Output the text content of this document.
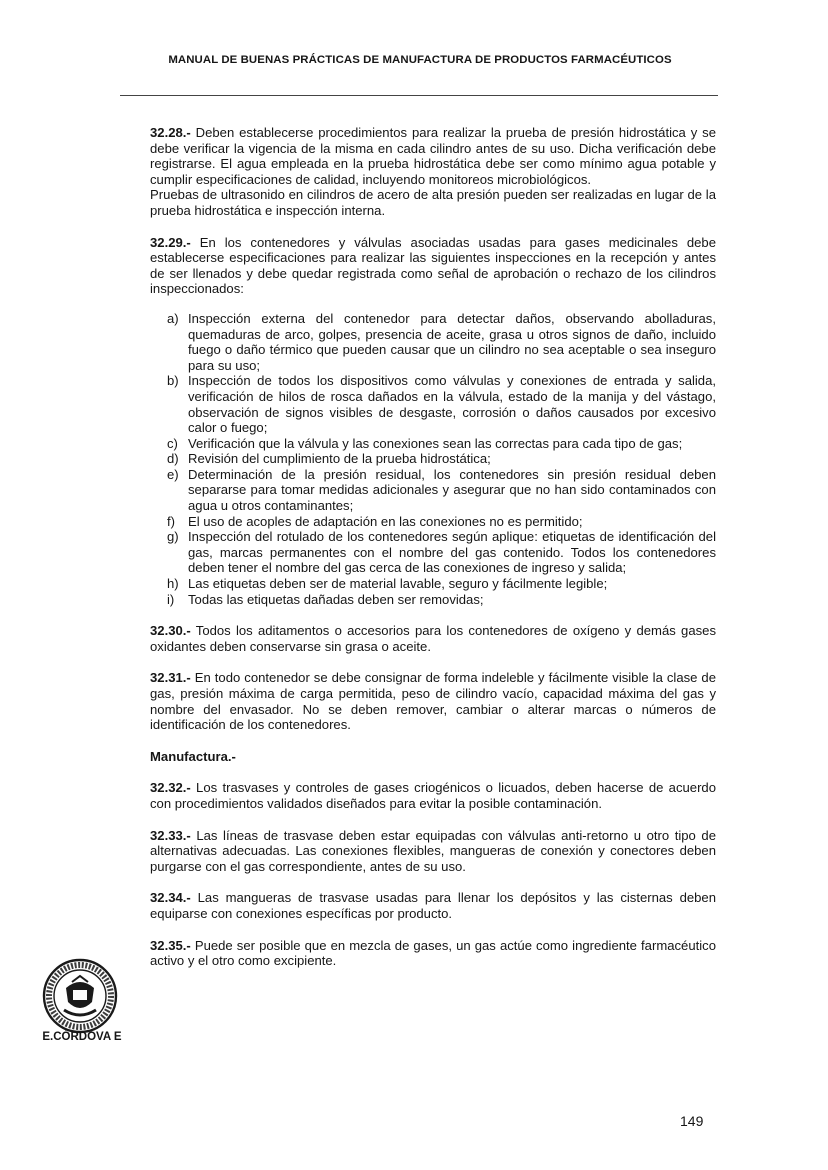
MANUAL DE BUENAS PRÁCTICAS DE MANUFACTURA DE PRODUCTOS FARMACÉUTICOS

32.28.- Deben establecerse procedimientos para realizar la prueba de presión hidrostática y se debe verificar la vigencia de la misma en cada cilindro antes de su uso. Dicha verificación debe registrarse. El agua empleada en la prueba hidrostática debe ser como mínimo agua potable y cumplir especificaciones de calidad, incluyendo monitoreos microbiológicos.

Pruebas de ultrasonido en cilindros de acero de alta presión pueden ser realizadas en lugar de la prueba hidrostática e inspección interna.

32.29.- En los contenedores y válvulas asociadas usadas para gases medicinales debe establecerse especificaciones para realizar las siguientes inspecciones en la recepción y antes de ser llenados y debe quedar registrada como señal de aprobación o rechazo de los cilindros inspeccionados:

a) Inspección externa del contenedor para detectar daños, observando abolladuras, quemaduras de arco, golpes, presencia de aceite, grasa u otros signos de daño, incluido fuego o daño térmico que pueden causar que un cilindro no sea aceptable o sea inseguro para su uso;
b) Inspección de todos los dispositivos como válvulas y conexiones de entrada y salida, verificación de hilos de rosca dañados en la válvula, estado de la manija y del vástago, observación de signos visibles de desgaste, corrosión o daños causados por excesivo calor o fuego;
c) Verificación que la válvula y las conexiones sean las correctas para cada tipo de gas;
d) Revisión del cumplimiento de la prueba hidrostática;
e) Determinación de la presión residual, los contenedores sin presión residual deben separarse para tomar medidas adicionales y asegurar que no han sido contaminados con agua u otros contaminantes;
f) El uso de acoples de adaptación en las conexiones no es permitido;
g) Inspección del rotulado de los contenedores según aplique: etiquetas de identificación del gas, marcas permanentes con el nombre del gas contenido. Todos los contenedores deben tener el nombre del gas cerca de las conexiones de ingreso y salida;
h) Las etiquetas deben ser de material lavable, seguro y fácilmente legible;
i) Todas las etiquetas dañadas deben ser removidas;

32.30.- Todos los aditamentos o accesorios para los contenedores de oxígeno y demás gases oxidantes deben conservarse sin grasa o aceite.

32.31.- En todo contenedor se debe consignar de forma indeleble y fácilmente visible la clase de gas, presión máxima de carga permitida, peso de cilindro vacío, capacidad máxima del gas y nombre del envasador. No se deben remover, cambiar o alterar marcas o números de identificación de los contenedores.

Manufactura.-

32.32.- Los trasvases y controles de gases criogénicos o licuados, deben hacerse de acuerdo con procedimientos validados diseñados para evitar la posible contaminación.

32.33.- Las líneas de trasvase deben estar equipadas con válvulas anti-retorno u otro tipo de alternativas adecuadas. Las conexiones flexibles, mangueras de conexión y conectores deben purgarse con el gas correspondiente, antes de su uso.

32.34.- Las mangueras de trasvase usadas para llenar los depósitos y las cisternas deben equiparse con conexiones específicas por producto.

32.35.- Puede ser posible que en mezcla de gases, un gas actúe como ingrediente farmacéutico activo y el otro como excipiente.

E.CÓRDOVA E
149
